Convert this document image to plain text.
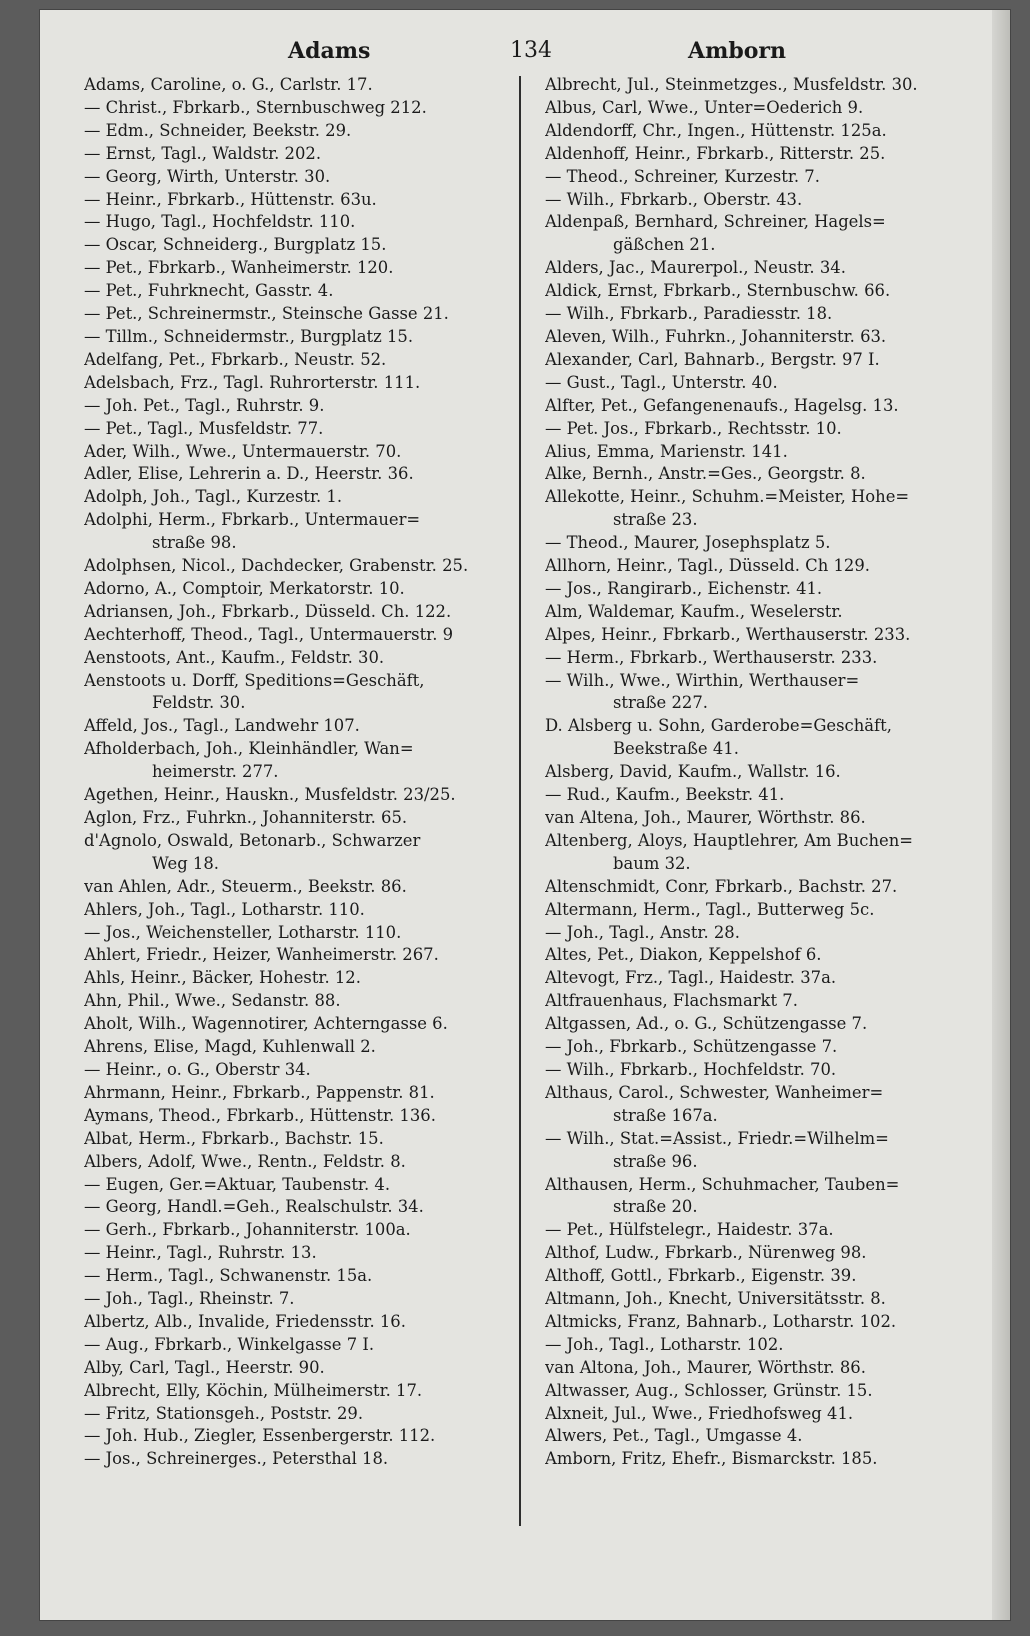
Adams	134	Amborn
Adams, Caroline, o. G., Carlstr. 17.
— Christ., Fbrkarb., Sternbuschweg 212.
— Edm., Schneider, Beekstr. 29.
— Ernst, Tagl., Waldstr. 202.
— Georg, Wirth, Unterstr. 30.
— Heinr., Fbrkarb., Hüttenstr. 63u.
— Hugo, Tagl., Hochfeldstr. 110.
— Oscar, Schneiderg., Burgplatz 15.
— Pet., Fbrkarb., Wanheimerstr. 120.
— Pet., Fuhrknecht, Gasstr. 4.
— Pet., Schreinermstr., Steinsche Gasse 21.
— Tillm., Schneidermstr., Burgplatz 15.
Adelfang, Pet., Fbrkarb., Neustr. 52.
Adelsbach, Frz., Tagl. Ruhrorterstr. 111.
— Joh. Pet., Tagl., Ruhrstr. 9.
— Pet., Tagl., Musfeldstr. 77.
Ader, Wilh., Wwe., Untermauerstr. 70.
Adler, Elise, Lehrerin a. D., Heerstr. 36.
Adolph, Joh., Tagl., Kurzestr. 1.
Adolphi, Herm., Fbrkarb., Untermauer=
straße 98.
Adolphsen, Nicol., Dachdecker, Grabenstr. 25.
Adorno, A., Comptoir, Merkatorstr. 10.
Adriansen, Joh., Fbrkarb., Düsseld. Ch. 122.
Aechterhoff, Theod., Tagl., Untermauerstr. 9
Aenstoots, Ant., Kaufm., Feldstr. 30.
Aenstoots u. Dorff, Speditions=Geschäft,
Feldstr. 30.
Affeld, Jos., Tagl., Landwehr 107.
Afholderbach, Joh., Kleinhändler, Wan=
heimerstr. 277.
Agethen, Heinr., Hauskn., Musfeldstr. 23/25.
Aglon, Frz., Fuhrkn., Johanniterstr. 65.
d'Agnolo, Oswald, Betonarb., Schwarzer
Weg 18.
van Ahlen, Adr., Steuerm., Beekstr. 86.
Ahlers, Joh., Tagl., Lotharstr. 110.
— Jos., Weichensteller, Lotharstr. 110.
Ahlert, Friedr., Heizer, Wanheimerstr. 267.
Ahls, Heinr., Bäcker, Hohestr. 12.
Ahn, Phil., Wwe., Sedanstr. 88.
Aholt, Wilh., Wagennotirer, Achterngasse 6.
Ahrens, Elise, Magd, Kuhlenwall 2.
— Heinr., o. G., Oberstr 34.
Ahrmann, Heinr., Fbrkarb., Pappenstr. 81.
Aymans, Theod., Fbrkarb., Hüttenstr. 136.
Albat, Herm., Fbrkarb., Bachstr. 15.
Albers, Adolf, Wwe., Rentn., Feldstr. 8.
— Eugen, Ger.=Aktuar, Taubenstr. 4.
— Georg, Handl.=Geh., Realschulstr. 34.
— Gerh., Fbrkarb., Johanniterstr. 100a.
— Heinr., Tagl., Ruhrstr. 13.
— Herm., Tagl., Schwanenstr. 15a.
— Joh., Tagl., Rheinstr. 7.
Albertz, Alb., Invalide, Friedensstr. 16.
— Aug., Fbrkarb., Winkelgasse 7 I.
Alby, Carl, Tagl., Heerstr. 90.
Albrecht, Elly, Köchin, Mülheimerstr. 17.
— Fritz, Stationsgeh., Poststr. 29.
— Joh. Hub., Ziegler, Essenbergerstr. 112.
— Jos., Schreinerges., Petersthal 18.
Albrecht, Jul., Steinmetzges., Musfeldstr. 30.
Albus, Carl, Wwe., Unter=Oederich 9.
Aldendorff, Chr., Ingen., Hüttenstr. 125a.
Aldenhoff, Heinr., Fbrkarb., Ritterstr. 25.
— Theod., Schreiner, Kurzestr. 7.
— Wilh., Fbrkarb., Oberstr. 43.
Aldenpaß, Bernhard, Schreiner, Hagels=
gäßchen 21.
Alders, Jac., Maurerpol., Neustr. 34.
Aldick, Ernst, Fbrkarb., Sternbuschw. 66.
— Wilh., Fbrkarb., Paradiesstr. 18.
Aleven, Wilh., Fuhrkn., Johanniterstr. 63.
Alexander, Carl, Bahnarb., Bergstr. 97 I.
— Gust., Tagl., Unterstr. 40.
Alfter, Pet., Gefangenenaufs., Hagelsg. 13.
— Pet. Jos., Fbrkarb., Rechtsstr. 10.
Alius, Emma, Marienstr. 141.
Alke, Bernh., Anstr.=Ges., Georgstr. 8.
Allekotte, Heinr., Schuhm.=Meister, Hohe=
straße 23.
— Theod., Maurer, Josephsplatz 5.
Allhorn, Heinr., Tagl., Düsseld. Ch 129.
— Jos., Rangirarb., Eichenstr. 41.
Alm, Waldemar, Kaufm., Weselerstr.
Alpes, Heinr., Fbrkarb., Werthauserstr. 233.
— Herm., Fbrkarb., Werthauserstr. 233.
— Wilh., Wwe., Wirthin, Werthauser=
straße 227.
D. Alsberg u. Sohn, Garderobe=Geschäft,
Beekstraße 41.
Alsberg, David, Kaufm., Wallstr. 16.
— Rud., Kaufm., Beekstr. 41.
van Altena, Joh., Maurer, Wörthstr. 86.
Altenberg, Aloys, Hauptlehrer, Am Buchen=
baum 32.
Altenschmidt, Conr, Fbrkarb., Bachstr. 27.
Altermann, Herm., Tagl., Butterweg 5c.
— Joh., Tagl., Anstr. 28.
Altes, Pet., Diakon, Keppelshof 6.
Altevogt, Frz., Tagl., Haidestr. 37a.
Altfrauenhaus, Flachsmarkt 7.
Altgassen, Ad., o. G., Schützengasse 7.
— Joh., Fbrkarb., Schützengasse 7.
— Wilh., Fbrkarb., Hochfeldstr. 70.
Althaus, Carol., Schwester, Wanheimer=
straße 167a.
— Wilh., Stat.=Assist., Friedr.=Wilhelm=
straße 96.
Althausen, Herm., Schuhmacher, Tauben=
straße 20.
— Pet., Hülfstelegr., Haidestr. 37a.
Althof, Ludw., Fbrkarb., Nürenweg 98.
Althoff, Gottl., Fbrkarb., Eigenstr. 39.
Altmann, Joh., Knecht, Universitätsstr. 8.
Altmicks, Franz, Bahnarb., Lotharstr. 102.
— Joh., Tagl., Lotharstr. 102.
van Altona, Joh., Maurer, Wörthstr. 86.
Altwasser, Aug., Schlosser, Grünstr. 15.
Alxneit, Jul., Wwe., Friedhofsweg 41.
Alwers, Pet., Tagl., Umgasse 4.
Amborn, Fritz, Ehefr., Bismarckstr. 185.
